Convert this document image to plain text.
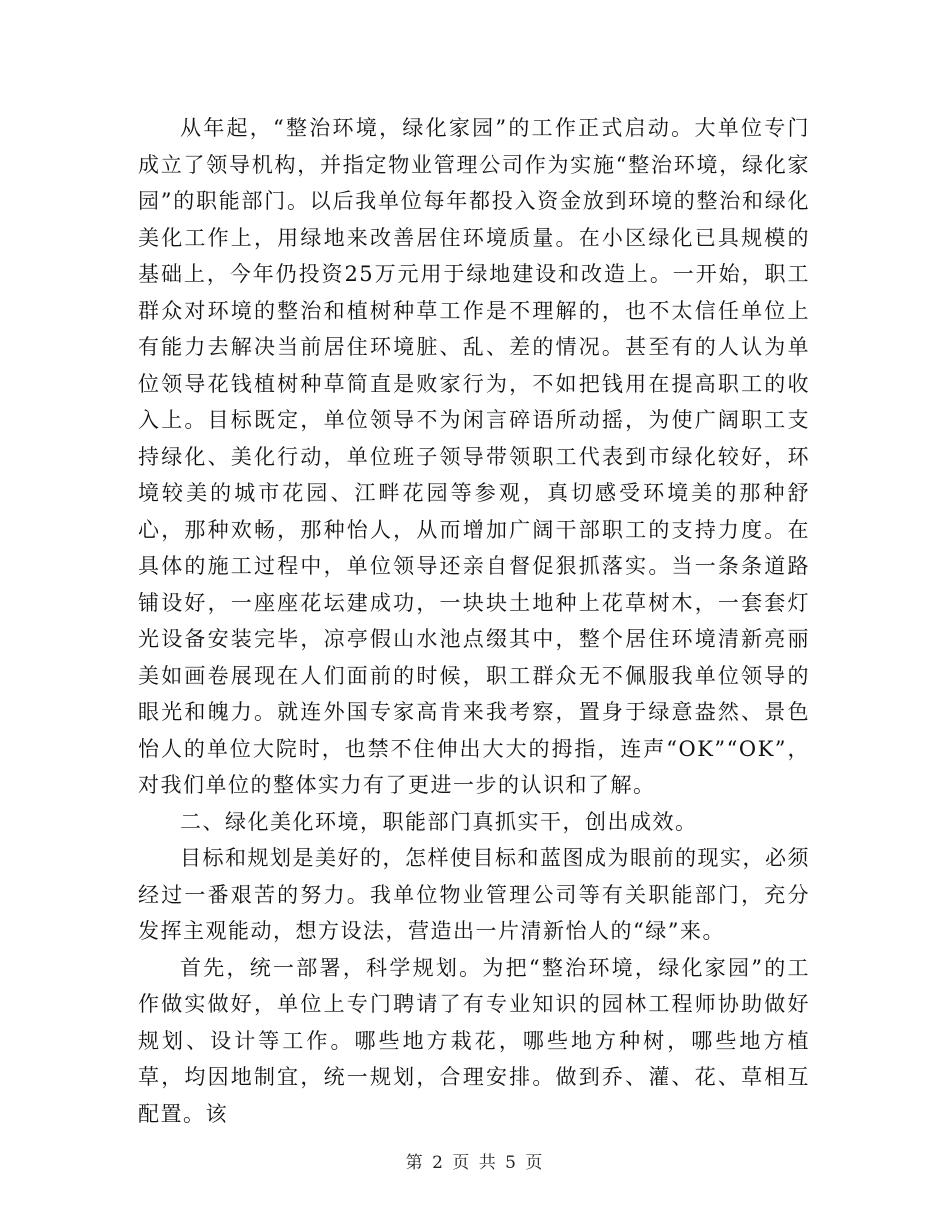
从年起，“整治环境，绿化家园”的工作正式启动。大单位专门成立了领导机构，并指定物业管理公司作为实施“整治环境，绿化家园”的职能部门。以后我单位每年都投入资金放到环境的整治和绿化美化工作上，用绿地来改善居住环境质量。在小区绿化已具规模的基础上，今年仍投资25万元用于绿地建设和改造上。一开始，职工群众对环境的整治和植树种草工作是不理解的，也不太信任单位上有能力去解决当前居住环境脏、乱、差的情况。甚至有的人认为单位领导花钱植树种草简直是败家行为，不如把钱用在提高职工的收入上。目标既定，单位领导不为闲言碎语所动摇，为使广阔职工支持绿化、美化行动，单位班子领导带领职工代表到市绿化较好，环境较美的城市花园、江畔花园等参观，真切感受环境美的那种舒心，那种欢畅，那种怡人，从而增加广阔干部职工的支持力度。在具体的施工过程中，单位领导还亲自督促狠抓落实。当一条条道路铺设好，一座座花坛建成功，一块块土地种上花草树木，一套套灯光设备安装完毕，凉亭假山水池点缀其中，整个居住环境清新亮丽美如画卷展现在人们面前的时候，职工群众无不佩服我单位领导的眼光和魄力。就连外国专家高肯来我考察，置身于绿意盎然、景色怡人的单位大院时，也禁不住伸出大大的拇指，连声“OK”“OK”，对我们单位的整体实力有了更进一步的认识和了解。

二、绿化美化环境，职能部门真抓实干，创出成效。

目标和规划是美好的，怎样使目标和蓝图成为眼前的现实，必须经过一番艰苦的努力。我单位物业管理公司等有关职能部门，充分发挥主观能动，想方设法，营造出一片清新怡人的“绿”来。

首先，统一部署，科学规划。为把“整治环境，绿化家园”的工作做实做好，单位上专门聘请了有专业知识的园林工程师协助做好规划、设计等工作。哪些地方栽花，哪些地方种树，哪些地方植草，均因地制宜，统一规划，合理安排。做到乔、灌、花、草相互配置。该

第 2 页 共 5 页
